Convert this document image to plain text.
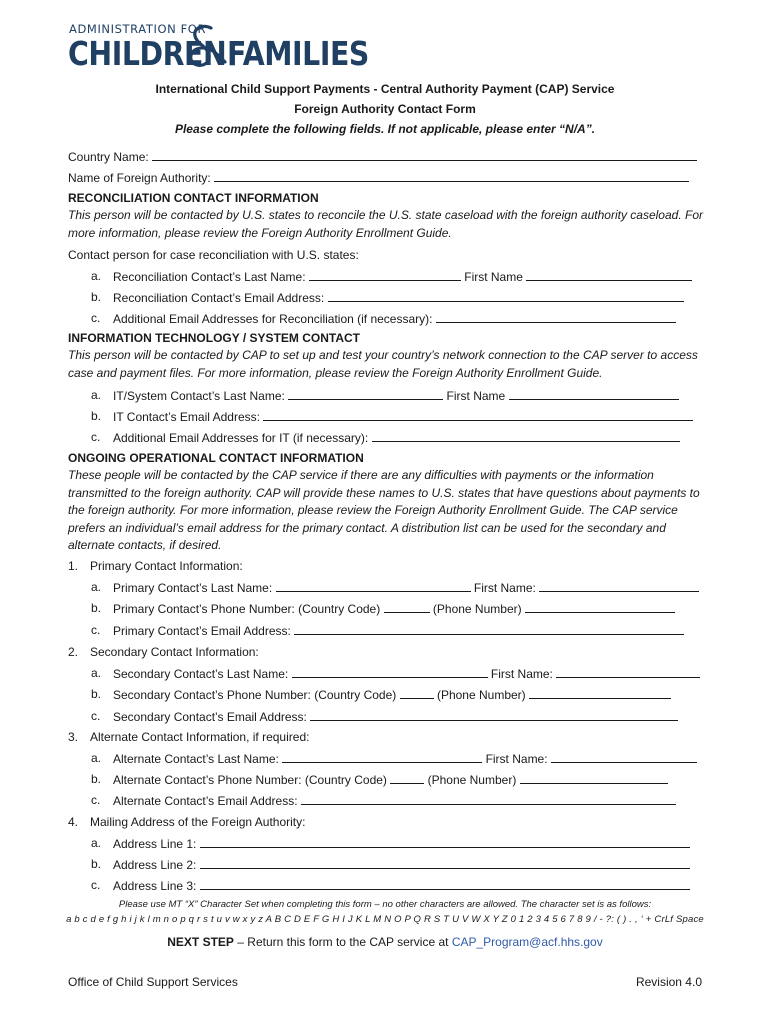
ADMINISTRATION FOR
CHILDREN FAMILIES
International Child Support Payments - Central Authority Payment (CAP) Service
Foreign Authority Contact Form
Please complete the following fields. If not applicable, please enter “N/A”.
Country Name:
Name of Foreign Authority:
RECONCILIATION CONTACT INFORMATION
This person will be contacted by U.S. states to reconcile the U.S. state caseload with the foreign authority caseload. For more information, please review the Foreign Authority Enrollment Guide.
Contact person for case reconciliation with U.S. states:
a. Reconciliation Contact’s Last Name:	First Name
b. Reconciliation Contact’s Email Address:
c. Additional Email Addresses for Reconciliation (if necessary):
INFORMATION TECHNOLOGY / SYSTEM CONTACT
This person will be contacted by CAP to set up and test your country’s network connection to the CAP server to access case and payment files. For more information, please review the Foreign Authority Enrollment Guide.
a. IT/System Contact’s Last Name:	First Name
b. IT Contact’s Email Address:
c. Additional Email Addresses for IT (if necessary):
ONGOING OPERATIONAL CONTACT INFORMATION
These people will be contacted by the CAP service if there are any difficulties with payments or the information transmitted to the foreign authority. CAP will provide these names to U.S. states that have questions about payments to the foreign authority. For more information, please review the Foreign Authority Enrollment Guide. The CAP service prefers an individual’s email address for the primary contact. A distribution list can be used for the secondary and alternate contacts, if desired.
1. Primary Contact Information:
a. Primary Contact’s Last Name:	First Name:
b. Primary Contact’s Phone Number: (Country Code)	(Phone Number)
c. Primary Contact’s Email Address:
2. Secondary Contact Information:
a. Secondary Contact’s Last Name:	First Name:
b. Secondary Contact’s Phone Number: (Country Code)	(Phone Number)
c. Secondary Contact’s Email Address:
3. Alternate Contact Information, if required:
a. Alternate Contact’s Last Name:	First Name:
b. Alternate Contact’s Phone Number: (Country Code)	(Phone Number)
c. Alternate Contact’s Email Address:
4. Mailing Address of the Foreign Authority:
a. Address Line 1:
b. Address Line 2:
c. Address Line 3:
Please use MT “X” Character Set when completing this form – no other characters are allowed. The character set is as follows:
a b c d e f g h i j k l m n o p q r s t u v w x y z A B C D E F G H I J K L M N O P Q R S T U V W X Y Z 0 1 2 3 4 5 6 7 8 9 / - ?: ( ) . , ‘ + CrLf Space
NEXT STEP – Return this form to the CAP service at CAP_Program@acf.hhs.gov
Office of Child Support Services	Revision 4.0
